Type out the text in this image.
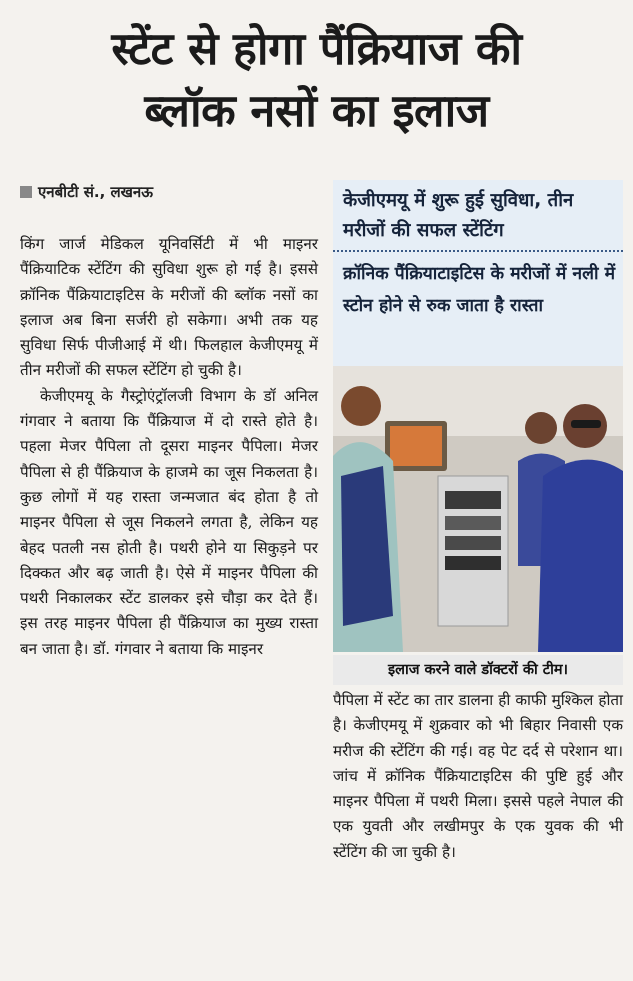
स्टेंट से होगा पैंक्रियाज की
ब्लॉक नसों का इलाज
एनबीटी सं., लखनऊ

किंग जार्ज मेडिकल यूनिवर्सिटी में भी माइनर पैंक्रियाटिक स्टेंटिंग की सुविधा शुरू हो गई है। इससे क्रॉनिक पैंक्रियाटाइटिस के मरीजों की ब्लॉक नसों का इलाज अब बिना सर्जरी हो सकेगा। अभी तक यह सुविधा सिर्फ पीजीआई में थी। फिलहाल केजीएमयू में तीन मरीजों की सफल स्टेंटिंग हो चुकी है।

केजीएमयू के गैस्ट्रोएंट्रॉलजी विभाग के डॉ अनिल गंगवार ने बताया कि पैंक्रियाज में दो रास्ते होते है। पहला मेजर पैपिला तो दूसरा माइनर पैपिला। मेजर पैपिला से ही पैंक्रियाज के हाजमे का जूस निकलता है। कुछ लोगों में यह रास्ता जन्मजात बंद होता है तो माइनर पैपिला से जूस निकलने लगता है, लेकिन यह बेहद पतली नस होती है। पथरी होने या सिकुड़ने पर दिक्कत और बढ़ जाती है। ऐसे में माइनर पैपिला की पथरी निकालकर स्टेंट डालकर इसे चौड़ा कर देते हैं। इस तरह माइनर पैपिला ही पैंक्रियाज का मुख्य रास्ता बन जाता है। डॉ. गंगवार ने बताया कि माइनर

केजीएमयू में शुरू हुई सुविधा, तीन मरीजों की सफल स्टेंटिंग

क्रॉनिक पैंक्रियाटाइटिस के मरीजों में नली में स्टोन होने से रुक जाता है रास्ता

इलाज करने वाले डॉक्टरों की टीम।

पैपिला में स्टेंट का तार डालना ही काफी मुश्किल होता है। केजीएमयू में शुक्रवार को भी बिहार निवासी एक मरीज की स्टेंटिंग की गई। वह पेट दर्द से परेशान था। जांच में क्रॉनिक पैंक्रियाटाइटिस की पुष्टि हुई और माइनर पैपिला में पथरी मिला। इससे पहले नेपाल की एक युवती और लखीमपुर के एक युवक की भी स्टेंटिंग की जा चुकी है।
